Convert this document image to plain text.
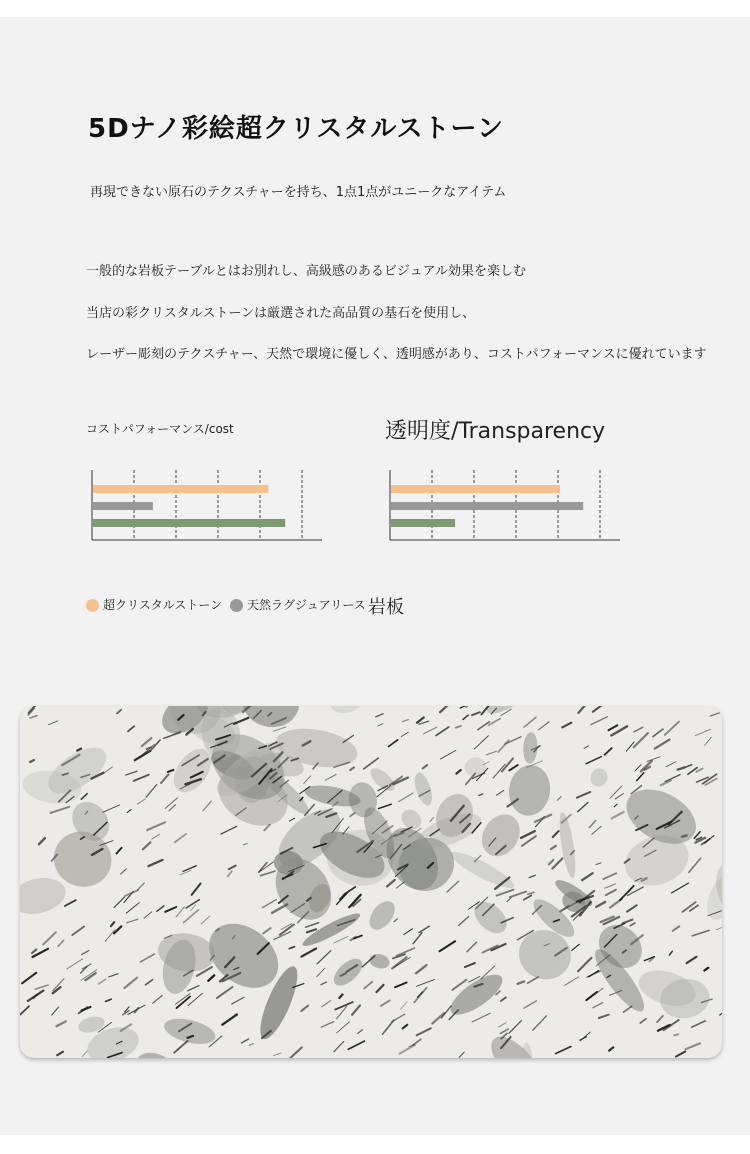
5Dナノ彩絵超クリスタルストーン
再現できない原石のテクスチャーを持ち、1点1点がユニークなアイテム
一般的な岩板テーブルとはお別れし、高級感のあるビジュアル効果を楽しむ
当店の彩クリスタルストーンは厳選された高品質の基石を使用し、
レーザー彫刻のテクスチャー、天然で環境に優しく、透明感があり、コストパフォーマンスに優れています
コストパフォーマンス/cost	透明度/Transparency
超クリスタルストーン	天然ラグジュアリース 岩板
